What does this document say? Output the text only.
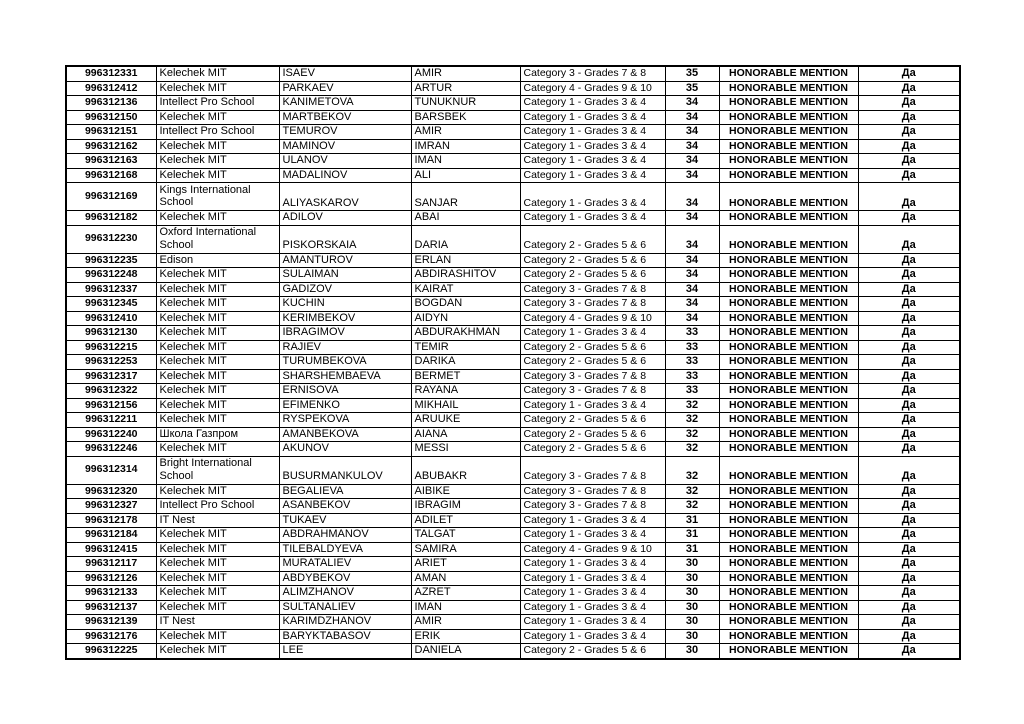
996312331	Kelechek MIT	ISAEV	AMIR	Category 3 - Grades 7 & 8	35	HONORABLE MENTION	Да
996312412	Kelechek MIT	PARKAEV	ARTUR	Category 4 - Grades 9 & 10	35	HONORABLE MENTION	Да
996312136	Intellect Pro School	KANIMETOVA	TUNUKNUR	Category 1 - Grades 3 & 4	34	HONORABLE MENTION	Да
996312150	Kelechek MIT	MARTBEKOV	BARSBEK	Category 1 - Grades 3 & 4	34	HONORABLE MENTION	Да
996312151	Intellect Pro School	TEMUROV	AMIR	Category 1 - Grades 3 & 4	34	HONORABLE MENTION	Да
996312162	Kelechek MIT	MAMINOV	IMRAN	Category 1 - Grades 3 & 4	34	HONORABLE MENTION	Да
996312163	Kelechek MIT	ULANOV	IMAN	Category 1 - Grades 3 & 4	34	HONORABLE MENTION	Да
996312168	Kelechek MIT	MADALINOV	ALI	Category 1 - Grades 3 & 4	34	HONORABLE MENTION	Да
996312169	Kings International School	ALIYASKAROV	SANJAR	Category 1 - Grades 3 & 4	34	HONORABLE MENTION	Да
996312182	Kelechek MIT	ADILOV	ABAI	Category 1 - Grades 3 & 4	34	HONORABLE MENTION	Да
996312230	Oxford International School	PISKORSKAIA	DARIA	Category 2 - Grades 5 & 6	34	HONORABLE MENTION	Да
996312235	Edison	AMANTUROV	ERLAN	Category 2 - Grades 5 & 6	34	HONORABLE MENTION	Да
996312248	Kelechek MIT	SULAIMAN	ABDIRASHITOV	Category 2 - Grades 5 & 6	34	HONORABLE MENTION	Да
996312337	Kelechek MIT	GADIZOV	KAIRAT	Category 3 - Grades 7 & 8	34	HONORABLE MENTION	Да
996312345	Kelechek MIT	KUCHIN	BOGDAN	Category 3 - Grades 7 & 8	34	HONORABLE MENTION	Да
996312410	Kelechek MIT	KERIMBEKOV	AIDYN	Category 4 - Grades 9 & 10	34	HONORABLE MENTION	Да
996312130	Kelechek MIT	IBRAGIMOV	ABDURAKHMAN	Category 1 - Grades 3 & 4	33	HONORABLE MENTION	Да
996312215	Kelechek MIT	RAJIEV	TEMIR	Category 2 - Grades 5 & 6	33	HONORABLE MENTION	Да
996312253	Kelechek MIT	TURUMBEKOVA	DARIKA	Category 2 - Grades 5 & 6	33	HONORABLE MENTION	Да
996312317	Kelechek MIT	SHARSHEMBAEVA	BERMET	Category 3 - Grades 7 & 8	33	HONORABLE MENTION	Да
996312322	Kelechek MIT	ERNISOVA	RAYANA	Category 3 - Grades 7 & 8	33	HONORABLE MENTION	Да
996312156	Kelechek MIT	EFIMENKO	MIKHAIL	Category 1 - Grades 3 & 4	32	HONORABLE MENTION	Да
996312211	Kelechek MIT	RYSPEKOVA	ARUUKE	Category 2 - Grades 5 & 6	32	HONORABLE MENTION	Да
996312240	Школа Газпром	AMANBEKOVA	AIANA	Category 2 - Grades 5 & 6	32	HONORABLE MENTION	Да
996312246	Kelechek MIT	AKUNOV	MESSI	Category 2 - Grades 5 & 6	32	HONORABLE MENTION	Да
996312314	Bright International School	BUSURMANKULOV	ABUBAKR	Category 3 - Grades 7 & 8	32	HONORABLE MENTION	Да
996312320	Kelechek MIT	BEGALIEVA	AIBIKE	Category 3 - Grades 7 & 8	32	HONORABLE MENTION	Да
996312327	Intellect Pro School	ASANBEKOV	IBRAGIM	Category 3 - Grades 7 & 8	32	HONORABLE MENTION	Да
996312178	IT Nest	TUKAEV	ADILET	Category 1 - Grades 3 & 4	31	HONORABLE MENTION	Да
996312184	Kelechek MIT	ABDRAHMANOV	TALGAT	Category 1 - Grades 3 & 4	31	HONORABLE MENTION	Да
996312415	Kelechek MIT	TILEBALDYEVA	SAMIRA	Category 4 - Grades 9 & 10	31	HONORABLE MENTION	Да
996312117	Kelechek MIT	MURATALIEV	ARIET	Category 1 - Grades 3 & 4	30	HONORABLE MENTION	Да
996312126	Kelechek MIT	ABDYBEKOV	AMAN	Category 1 - Grades 3 & 4	30	HONORABLE MENTION	Да
996312133	Kelechek MIT	ALIMZHANOV	AZRET	Category 1 - Grades 3 & 4	30	HONORABLE MENTION	Да
996312137	Kelechek MIT	SULTANALIEV	IMAN	Category 1 - Grades 3 & 4	30	HONORABLE MENTION	Да
996312139	IT Nest	KARIMDZHANOV	AMIR	Category 1 - Grades 3 & 4	30	HONORABLE MENTION	Да
996312176	Kelechek MIT	BARYKTABASOV	ERIK	Category 1 - Grades 3 & 4	30	HONORABLE MENTION	Да
996312225	Kelechek MIT	LEE	DANIELA	Category 2 - Grades 5 & 6	30	HONORABLE MENTION	Да
